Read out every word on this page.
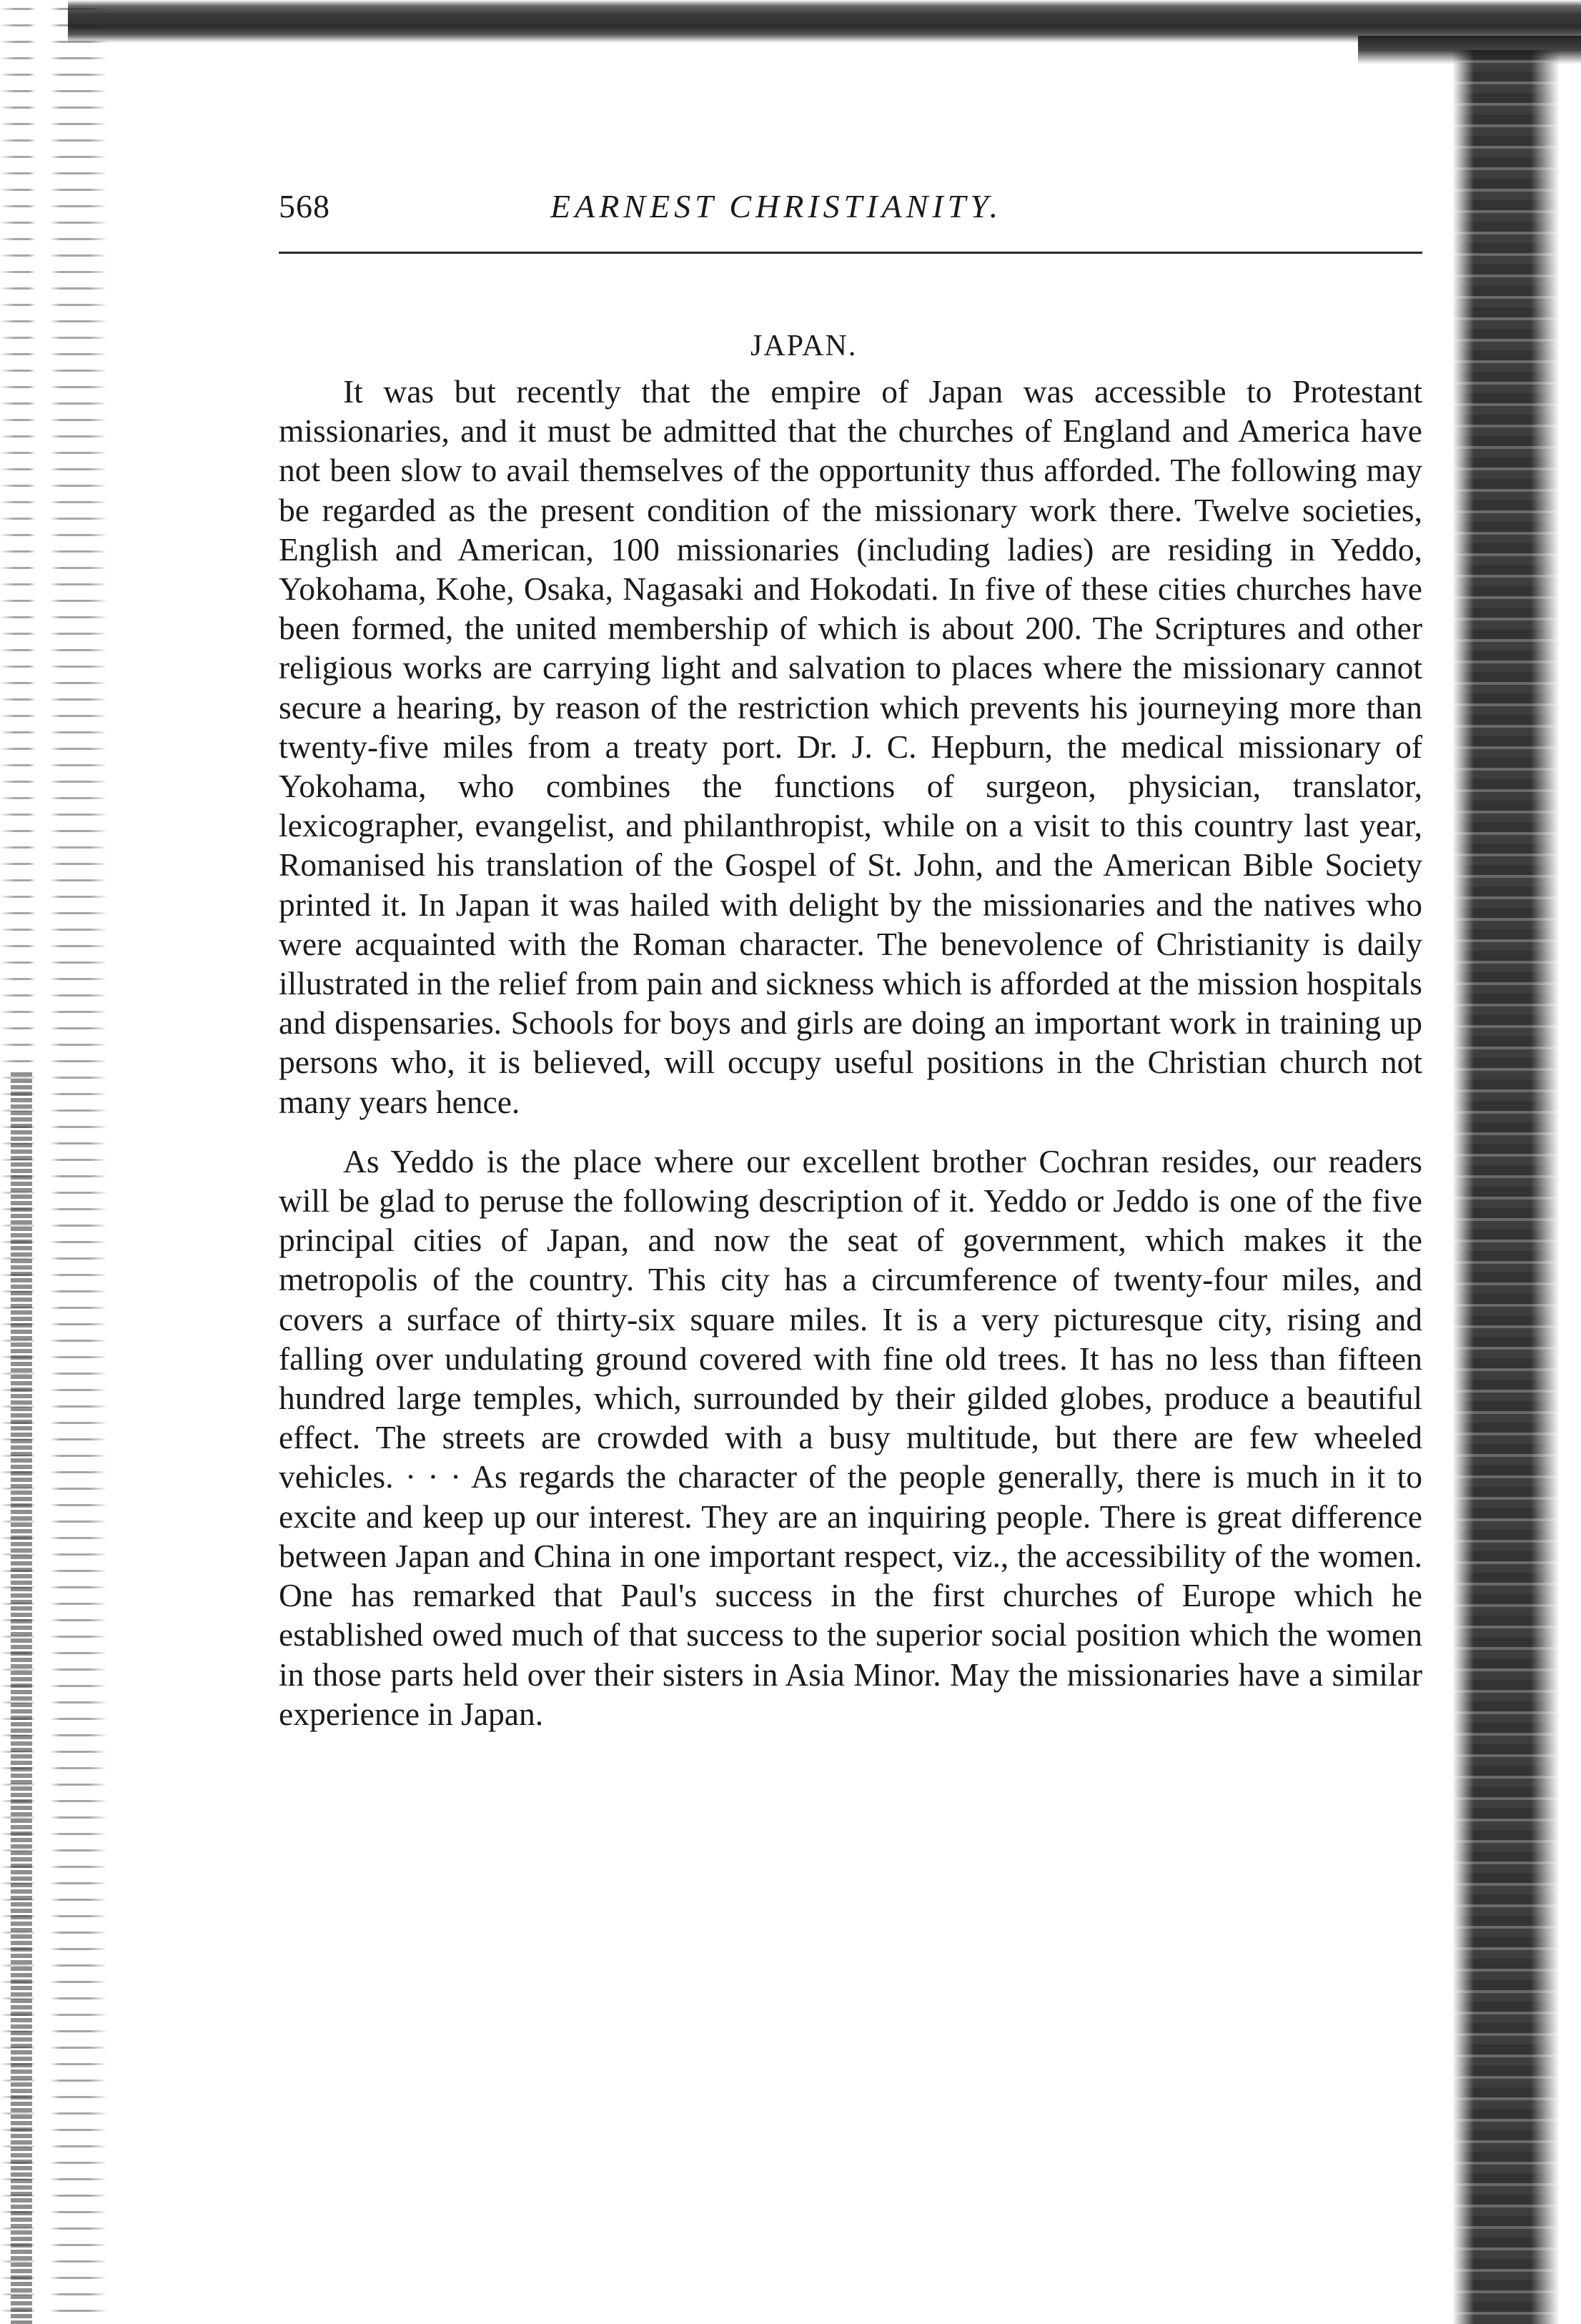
568	EARNEST CHRISTIANITY.
JAPAN.

It was but recently that the empire of Japan was accessible to Protestant missionaries, and it must be admitted that the churches of England and America have not been slow to avail themselves of the opportunity thus afforded. The following may be regarded as the present condition of the missionary work there. Twelve societies, English and American, 100 missionaries (including ladies) are residing in Yeddo, Yokohama, Kohe, Osaka, Nagasaki and Hokodati. In five of these cities churches have been formed, the united membership of which is about 200. The Scriptures and other religious works are carrying light and salvation to places where the missionary cannot secure a hearing, by reason of the restriction which prevents his journeying more than twenty-five miles from a treaty port. Dr. J. C. Hepburn, the medical missionary of Yokohama, who combines the functions of surgeon, physician, translator, lexicographer, evangelist, and philanthropist, while on a visit to this country last year, Romanised his translation of the Gospel of St. John, and the American Bible Society printed it. In Japan it was hailed with delight by the missionaries and the natives who were acquainted with the Roman character. The benevolence of Christianity is daily illustrated in the relief from pain and sickness which is afforded at the mission hospitals and dispensaries. Schools for boys and girls are doing an important work in training up persons who, it is believed, will occupy useful positions in the Christian church not many years hence.

As Yeddo is the place where our excellent brother Cochran resides, our readers will be glad to peruse the following description of it. Yeddo or Jeddo is one of the five principal cities of Japan, and now the seat of government, which makes it the metropolis of the country. This city has a circumference of twenty-four miles, and covers a surface of thirty-six square miles. It is a very picturesque city, rising and falling over undulating ground covered with fine old trees. It has no less than fifteen hundred large temples, which, surrounded by their gilded globes, produce a beautiful effect. The streets are crowded with a busy multitude, but there are few wheeled vehicles. · · · As regards the character of the people generally, there is much in it to excite and keep up our interest. They are an inquiring people. There is great difference between Japan and China in one important respect, viz., the accessibility of the women. One has remarked that Paul's success in the first churches of Europe which he established owed much of that success to the superior social position which the women in those parts held over their sisters in Asia Minor. May the missionaries have a similar experience in Japan.
